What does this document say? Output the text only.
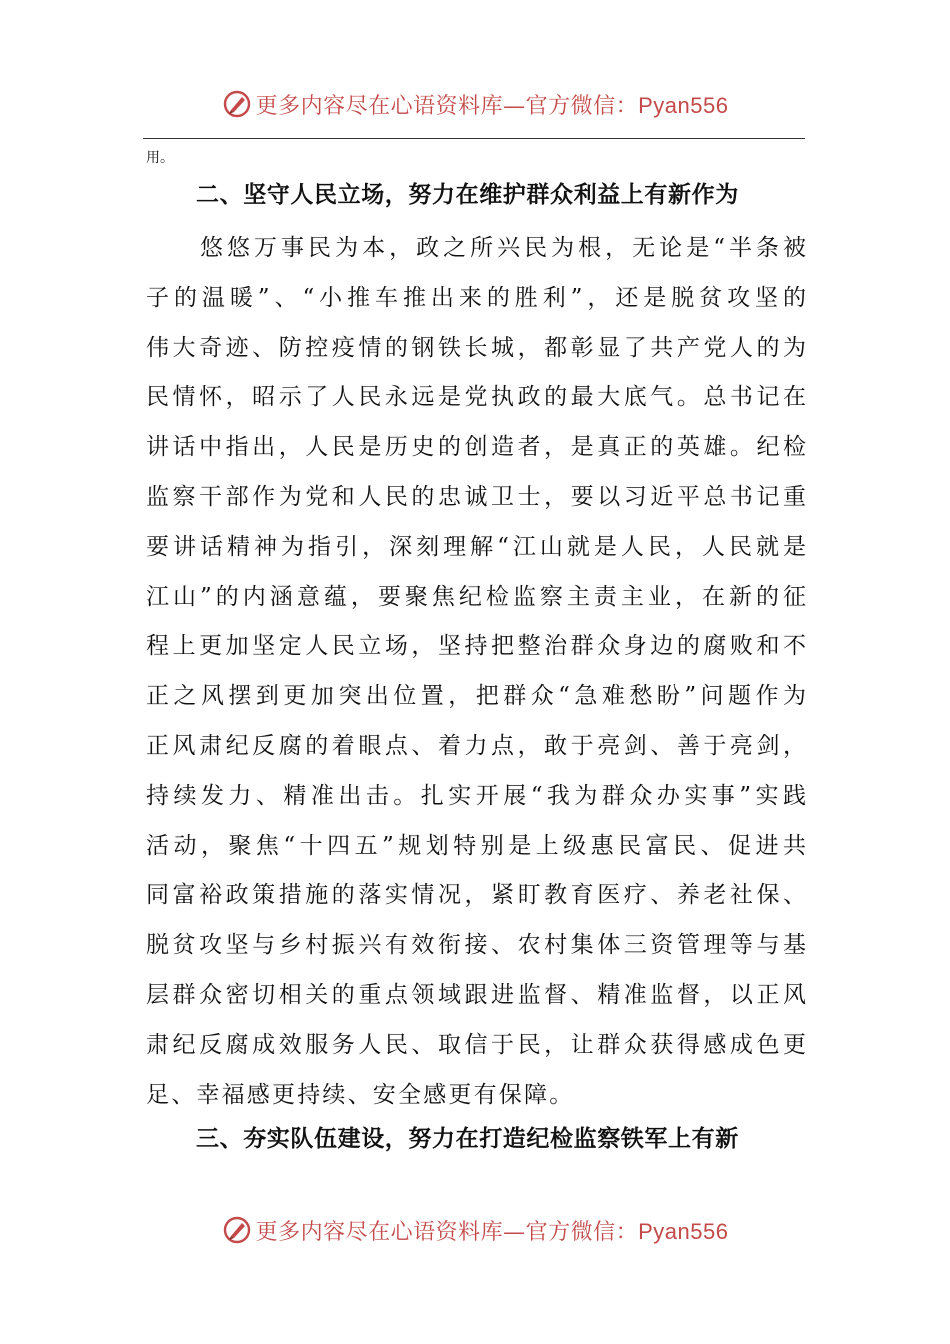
更多内容尽在心语资料库—官方微信：Pyan556
用。
二、坚守人民立场，努力在维护群众利益上有新作为
　　悠悠万事民为本，政之所兴民为根，无论是“半条被
子的温暖”、“小推车推出来的胜利”，还是脱贫攻坚的
伟大奇迹、防控疫情的钢铁长城，都彰显了共产党人的为
民情怀，昭示了人民永远是党执政的最大底气。总书记在
讲话中指出，人民是历史的创造者，是真正的英雄。纪检
监察干部作为党和人民的忠诚卫士，要以习近平总书记重
要讲话精神为指引，深刻理解“江山就是人民，人民就是
江山”的内涵意蕴，要聚焦纪检监察主责主业，在新的征
程上更加坚定人民立场，坚持把整治群众身边的腐败和不
正之风摆到更加突出位置，把群众“急难愁盼”问题作为
正风肃纪反腐的着眼点、着力点，敢于亮剑、善于亮剑，
持续发力、精准出击。扎实开展“我为群众办实事”实践
活动，聚焦“十四五”规划特别是上级惠民富民、促进共
同富裕政策措施的落实情况，紧盯教育医疗、养老社保、
脱贫攻坚与乡村振兴有效衔接、农村集体三资管理等与基
层群众密切相关的重点领域跟进监督、精准监督，以正风
肃纪反腐成效服务人民、取信于民，让群众获得感成色更
足、幸福感更持续、安全感更有保障。
三、夯实队伍建设，努力在打造纪检监察铁军上有新
更多内容尽在心语资料库—官方微信：Pyan556
